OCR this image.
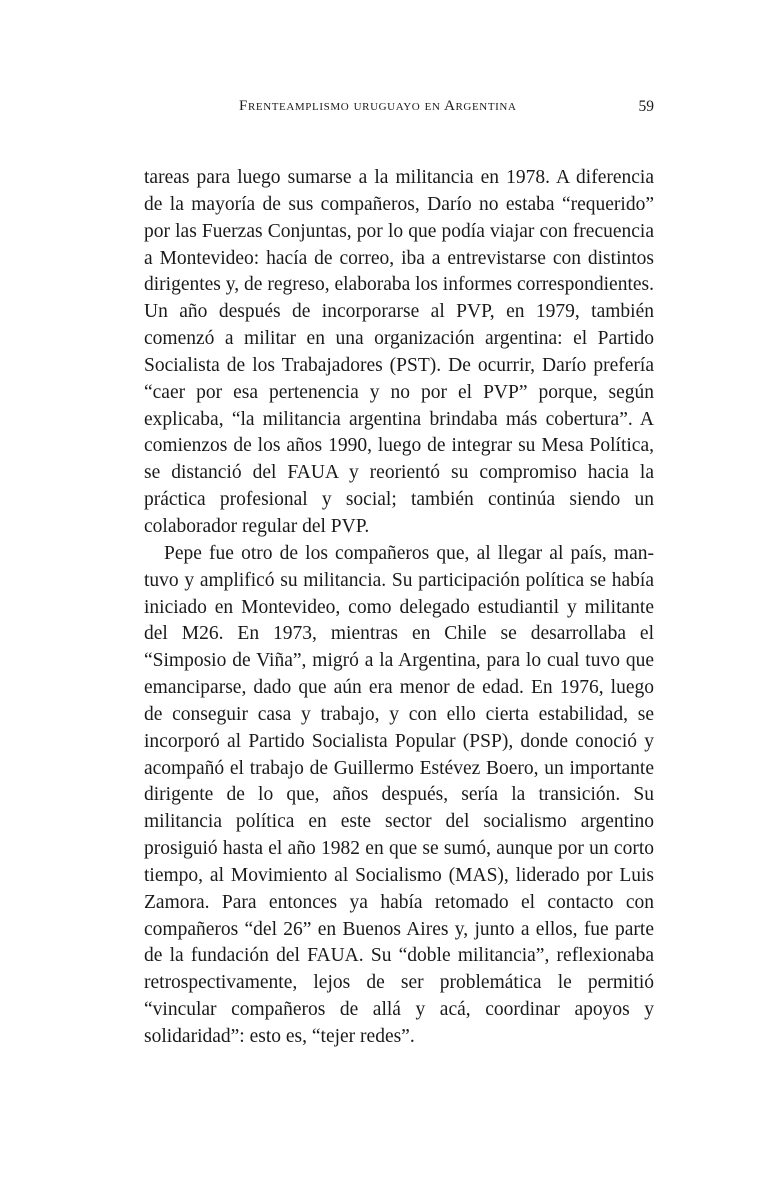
Frenteamplismo uruguayo en Argentina	59

tareas para luego sumarse a la militancia en 1978. A diferencia de la mayoría de sus compañeros, Darío no estaba “requerido” por las Fuerzas Conjuntas, por lo que podía viajar con frecuencia a Montevideo: hacía de correo, iba a entrevistarse con distintos dirigentes y, de regreso, elaboraba los informes correspondientes. Un año después de incorporarse al PVP, en 1979, también comenzó a militar en una organización argentina: el Partido Socialista de los Trabajadores (PST). De ocurrir, Darío prefería “caer por esa pertenencia y no por el PVP” porque, según explicaba, “la militancia argentina brindaba más cobertura”. A comienzos de los años 1990, luego de integrar su Mesa Política, se distanció del FAUA y reorientó su compromiso hacia la práctica profesional y social; también continúa siendo un colaborador regular del PVP.

Pepe fue otro de los compañeros que, al llegar al país, mantuvo y amplificó su militancia. Su participación política se había iniciado en Montevideo, como delegado estudiantil y militante del M26. En 1973, mientras en Chile se desarrollaba el “Simposio de Viña”, migró a la Argentina, para lo cual tuvo que emanciparse, dado que aún era menor de edad. En 1976, luego de conseguir casa y trabajo, y con ello cierta estabilidad, se incorporó al Partido Socialista Popular (PSP), donde conoció y acompañó el trabajo de Guillermo Estévez Boero, un importante dirigente de lo que, años después, sería la transición. Su militancia política en este sector del socialismo argentino prosiguió hasta el año 1982 en que se sumó, aunque por un corto tiempo, al Movimiento al Socialismo (MAS), liderado por Luis Zamora. Para entonces ya había retomado el contacto con compañeros “del 26” en Buenos Aires y, junto a ellos, fue parte de la fundación del FAUA. Su “doble militancia”, reflexionaba retrospectivamente, lejos de ser problemática le permitió “vincular compañeros de allá y acá, coordinar apoyos y solidaridad”: esto es, “tejer redes”.
